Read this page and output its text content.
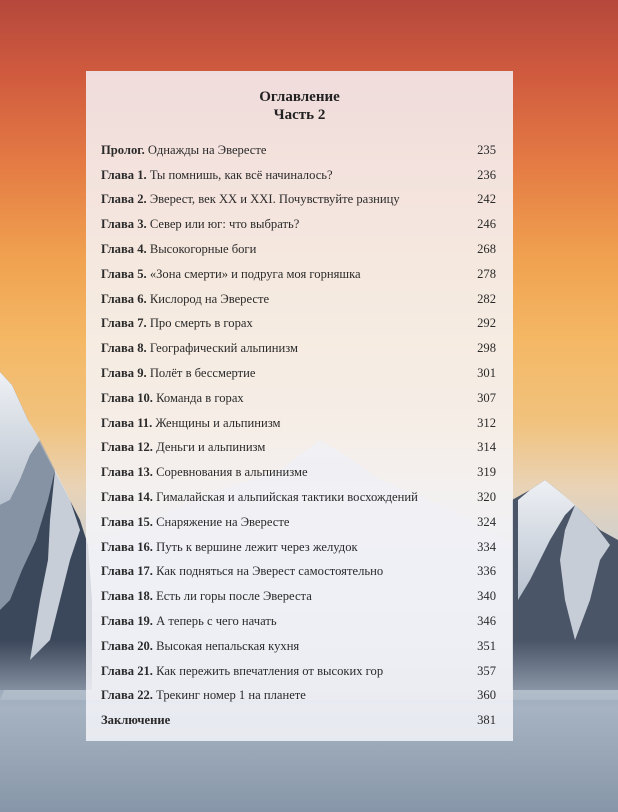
Оглавление
Часть 2
Пролог. Однажды на Эвересте	235
Глава 1. Ты помнишь, как всё начиналось?	236
Глава 2. Эверест, век XX и XXI. Почувствуйте разницу	242
Глава 3. Север или юг: что выбрать?	246
Глава 4. Высокогорные боги	268
Глава 5. «Зона смерти» и подруга моя горняшка	278
Глава 6. Кислород на Эвересте	282
Глава 7. Про смерть в горах	292
Глава 8. Географический альпинизм	298
Глава 9. Полёт в бессмертие	301
Глава 10. Команда в горах	307
Глава 11. Женщины и альпинизм	312
Глава 12. Деньги и альпинизм	314
Глава 13. Соревнования в альпинизме	319
Глава 14. Гималайская и альпийская тактики восхождений	320
Глава 15. Снаряжение на Эвересте	324
Глава 16. Путь к вершине лежит через желудок	334
Глава 17. Как подняться на Эверест самостоятельно	336
Глава 18. Есть ли горы после Эвереста	340
Глава 19. А теперь с чего начать	346
Глава 20. Высокая непальская кухня	351
Глава 21. Как пережить впечатления от высоких гор	357
Глава 22. Трекинг номер 1 на планете	360
Заключение	381
